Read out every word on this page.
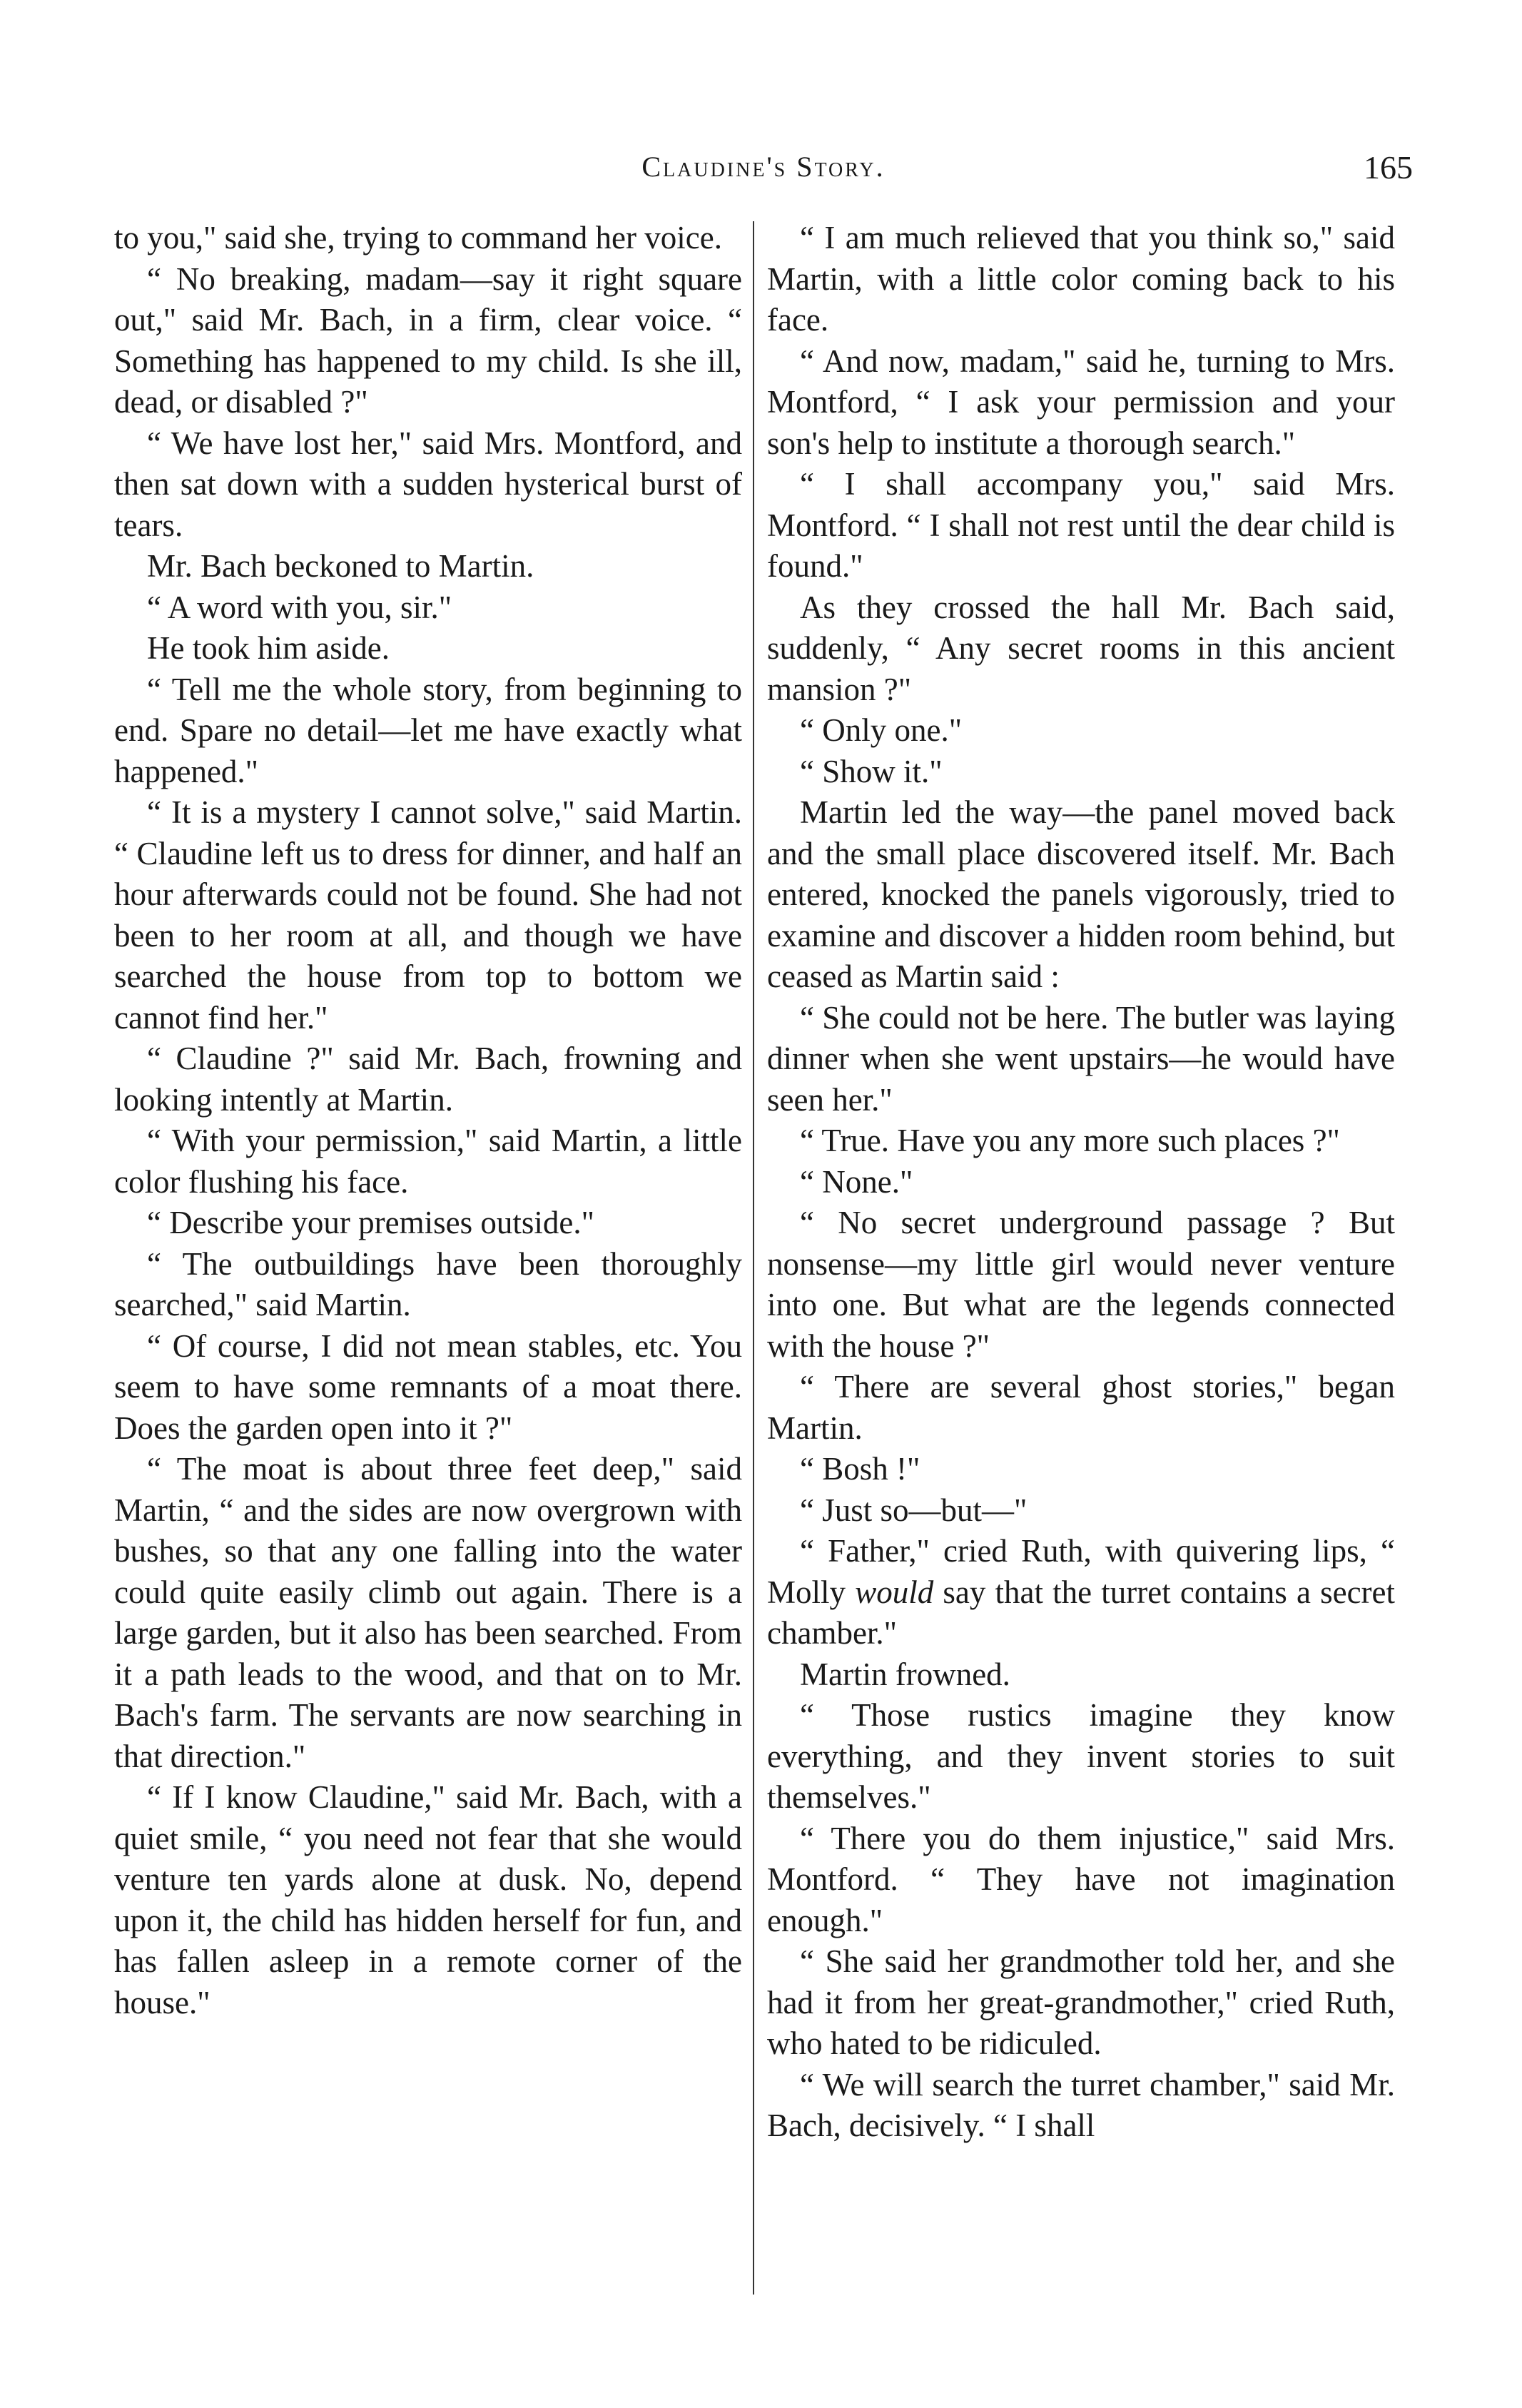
Claudine's Story.	165

to you," said she, trying to command her voice.

“ No breaking, madam—say it right square out," said Mr. Bach, in a firm, clear voice. “ Something has happened to my child. Is she ill, dead, or disabled ?"

“ We have lost her," said Mrs. Montford, and then sat down with a sudden hysterical burst of tears.

Mr. Bach beckoned to Martin.

“ A word with you, sir."

He took him aside.

“ Tell me the whole story, from beginning to end. Spare no detail—let me have exactly what happened."

“ It is a mystery I cannot solve," said Martin. “ Claudine left us to dress for dinner, and half an hour afterwards could not be found. She had not been to her room at all, and though we have searched the house from top to bottom we cannot find her."

“ Claudine ?" said Mr. Bach, frowning and looking intently at Martin.

“ With your permission," said Martin, a little color flushing his face.

“ Describe your premises outside."

“ The outbuildings have been thoroughly searched," said Martin.

“ Of course, I did not mean stables, etc. You seem to have some remnants of a moat there. Does the garden open into it ?"

“ The moat is about three feet deep," said Martin, “ and the sides are now overgrown with bushes, so that any one falling into the water could quite easily climb out again. There is a large garden, but it also has been searched. From it a path leads to the wood, and that on to Mr. Bach's farm. The servants are now searching in that direction."

“ If I know Claudine," said Mr. Bach, with a quiet smile, “ you need not fear that she would venture ten yards alone at dusk. No, depend upon it, the child has hidden herself for fun, and has fallen asleep in a remote corner of the house."

“ I am much relieved that you think so," said Martin, with a little color coming back to his face.

“ And now, madam," said he, turning to Mrs. Montford, “ I ask your permission and your son's help to institute a thorough search."

“ I shall accompany you," said Mrs. Montford. “ I shall not rest until the dear child is found."

As they crossed the hall Mr. Bach said, suddenly, “ Any secret rooms in this ancient mansion ?"

“ Only one."

“ Show it."

Martin led the way—the panel moved back and the small place discovered itself. Mr. Bach entered, knocked the panels vigorously, tried to examine and discover a hidden room behind, but ceased as Martin said :

“ She could not be here. The butler was laying dinner when she went upstairs—he would have seen her."

“ True. Have you any more such places ?"

“ None."

“ No secret underground passage ? But nonsense—my little girl would never venture into one. But what are the legends connected with the house ?"

“ There are several ghost stories," began Martin.

“ Bosh !"

“ Just so—but—"

“ Father," cried Ruth, with quivering lips, “ Molly would say that the turret contains a secret chamber."

Martin frowned.

“ Those rustics imagine they know everything, and they invent stories to suit themselves."

“ There you do them injustice," said Mrs. Montford. “ They have not imagination enough."

“ She said her grandmother told her, and she had it from her great-grandmother," cried Ruth, who hated to be ridiculed.

“ We will search the turret chamber," said Mr. Bach, decisively. “ I shall
